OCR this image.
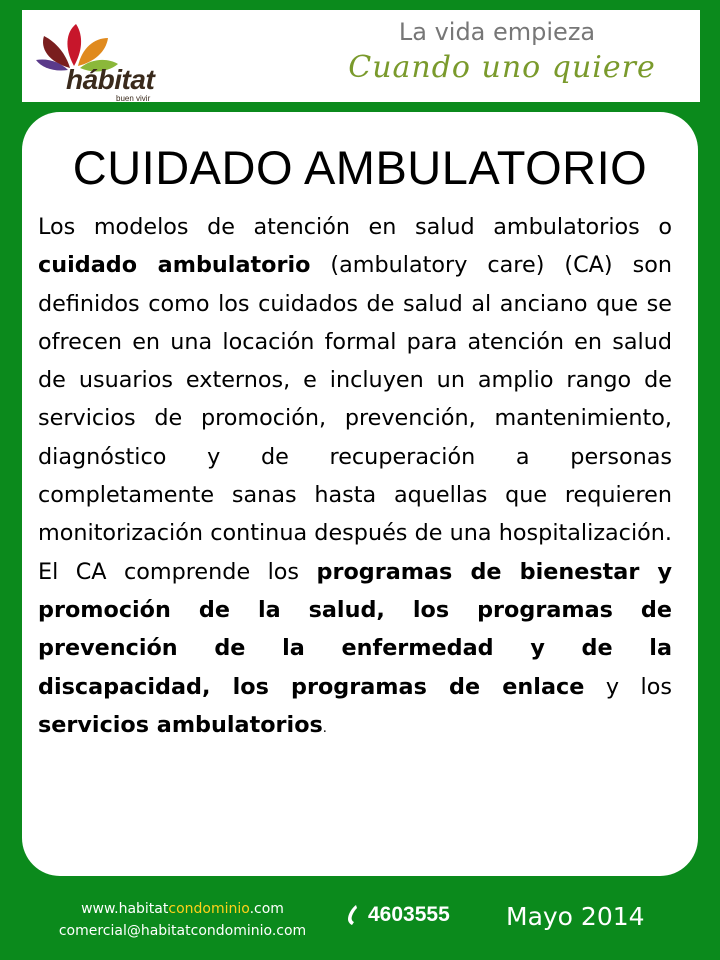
hábitat
buen vivir
La vida empieza
Cuando uno quiere
CUIDADO AMBULATORIO
Los modelos de atención en salud ambulatorios o cuidado ambulatorio (ambulatory care) (CA) son definidos como los cuidados de salud al anciano que se ofrecen en una locación formal para atención en salud de usuarios externos, e incluyen un amplio rango de servicios de promoción, prevención, mantenimiento, diagnóstico y de recuperación a personas completamente sanas hasta aquellas que requieren monitorización continua después de una hospitalización. El CA comprende los programas de bienestar y promoción de la salud, los programas de prevención de la enfermedad y de la discapacidad, los programas de enlace y los servicios ambulatorios.
www.habitatcondominio.com
comercial@habitatcondominio.com
4603555 Mayo 2014
